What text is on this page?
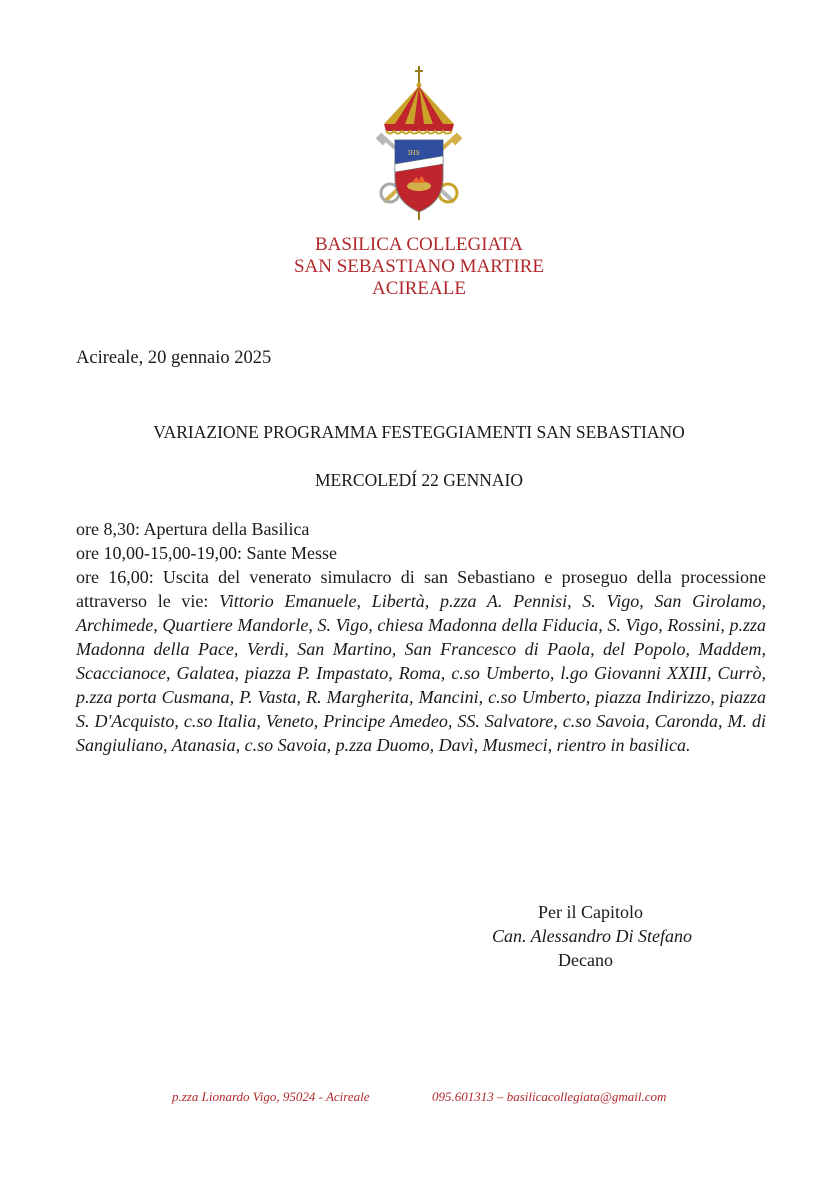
IHS
BASILICA COLLEGIATA
SAN SEBASTIANO MARTIRE
ACIREALE
Acireale, 20 gennaio 2025
VARIAZIONE PROGRAMMA FESTEGGIAMENTI SAN SEBASTIANO
MERCOLEDÍ 22 GENNAIO
ore 8,30: Apertura della Basilica
ore 10,00-15,00-19,00: Sante Messe
ore 16,00: Uscita del venerato simulacro di san Sebastiano e proseguo della processione attraverso le vie: Vittorio Emanuele, Libertà, p.zza A. Pennisi, S. Vigo, San Girolamo, Archimede, Quartiere Mandorle, S. Vigo, chiesa Madonna della Fiducia, S. Vigo, Rossini, p.zza Madonna della Pace, Verdi, San Martino, San Francesco di Paola, del Popolo, Maddem, Scaccianoce, Galatea, piazza P. Impastato, Roma, c.so Umberto, l.go Giovanni XXIII, Currò, p.zza porta Cusmana, P. Vasta, R. Margherita, Mancini, c.so Umberto, piazza Indirizzo, piazza S. D'Acquisto, c.so Italia, Veneto, Principe Amedeo, SS. Salvatore, c.so Savoia, Caronda, M. di Sangiuliano, Atanasia, c.so Savoia, p.zza Duomo, Davì, Musmeci, rientro in basilica.
Per il Capitolo
Can. Alessandro Di Stefano
Decano
p.zza Lionardo Vigo, 95024 - Acireale	095.601313 – basilicacollegiata@gmail.com
